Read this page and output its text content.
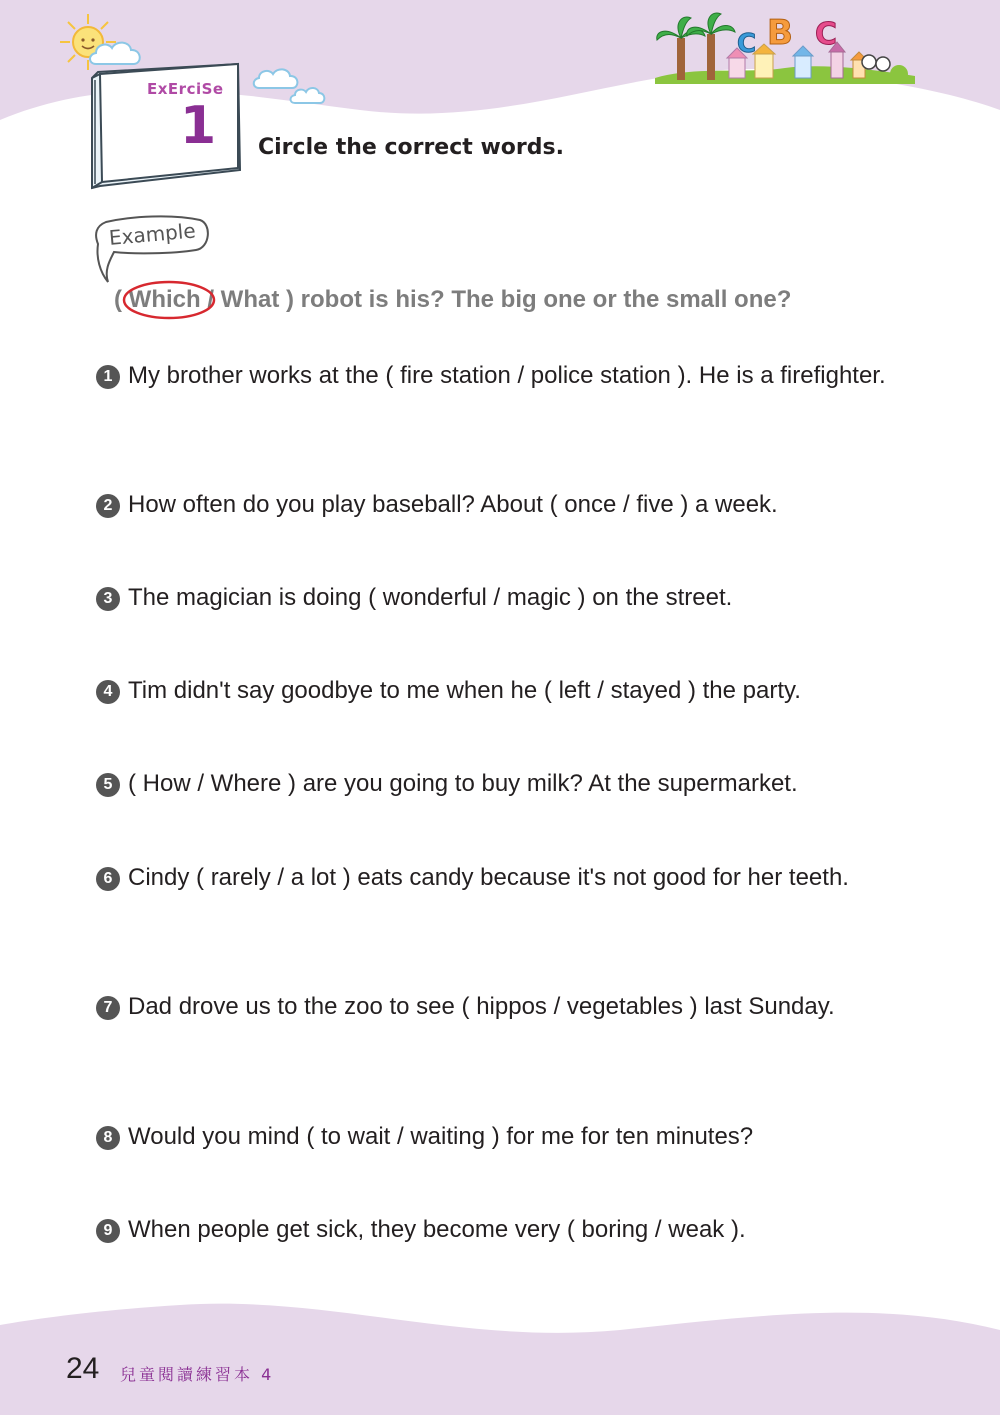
C B C
ExErciSe
1 Circle the correct words.
Example
( Which
/ What ) robot is his? The big one or the small one?
1 My brother works at the ( fire station / police station ). He is a firefighter.
2 How often do you play baseball? About ( once / five ) a week.
3 The magician is doing ( wonderful / magic ) on the street.
4 Tim didn't say goodbye to me when he ( left / stayed ) the party.
5 ( How / Where ) are you going to buy milk? At the supermarket.
6 Cindy ( rarely / a lot ) eats candy because it's not good for her teeth.
7 Dad drove us to the zoo to see ( hippos / vegetables ) last Sunday.
8 Would you mind ( to wait / waiting ) for me for ten minutes?
9 When people get sick, they become very ( boring / weak ).
24 兒童閱讀練習本 4
